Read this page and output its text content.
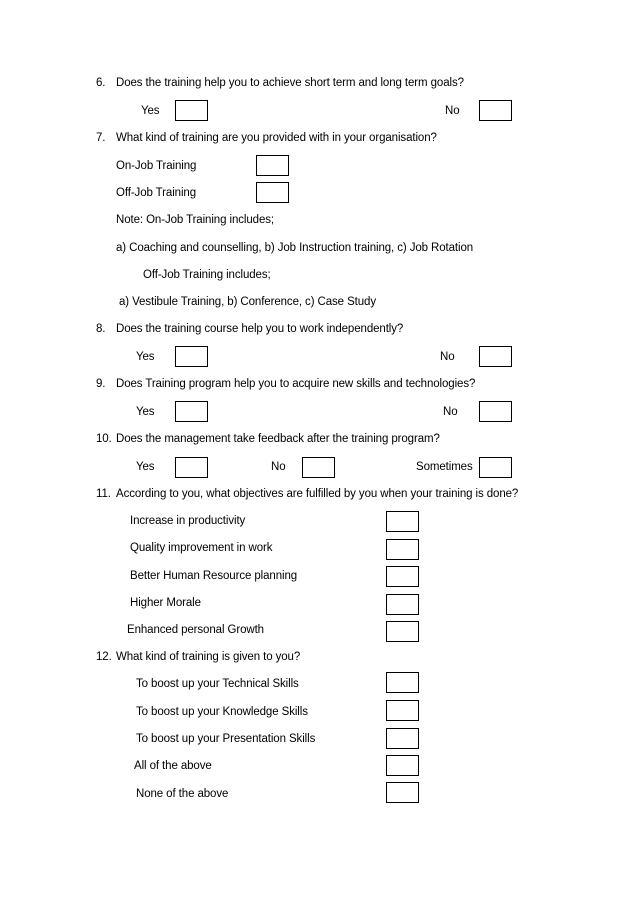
6. Does the training help you to achieve short term and long term goals?
Yes	No
7. What kind of training are you provided with in your organisation?
On-Job Training
Off-Job Training
Note: On-Job Training includes;
a) Coaching and counselling, b) Job Instruction training, c) Job Rotation
Off-Job Training includes;
a) Vestibule Training, b) Conference, c) Case Study
8. Does the training course help you to work independently?
Yes	No
9. Does Training program help you to acquire new skills and technologies?
Yes	No
10. Does the management take feedback after the training program?
Yes	No	Sometimes
11. According to you, what objectives are fulfilled by you when your training is done?
Increase in productivity
Quality improvement in work
Better Human Resource planning
Higher Morale
Enhanced personal Growth
12. What kind of training is given to you?
To boost up your Technical Skills
To boost up your Knowledge Skills
To boost up your Presentation Skills
All of the above
None of the above
